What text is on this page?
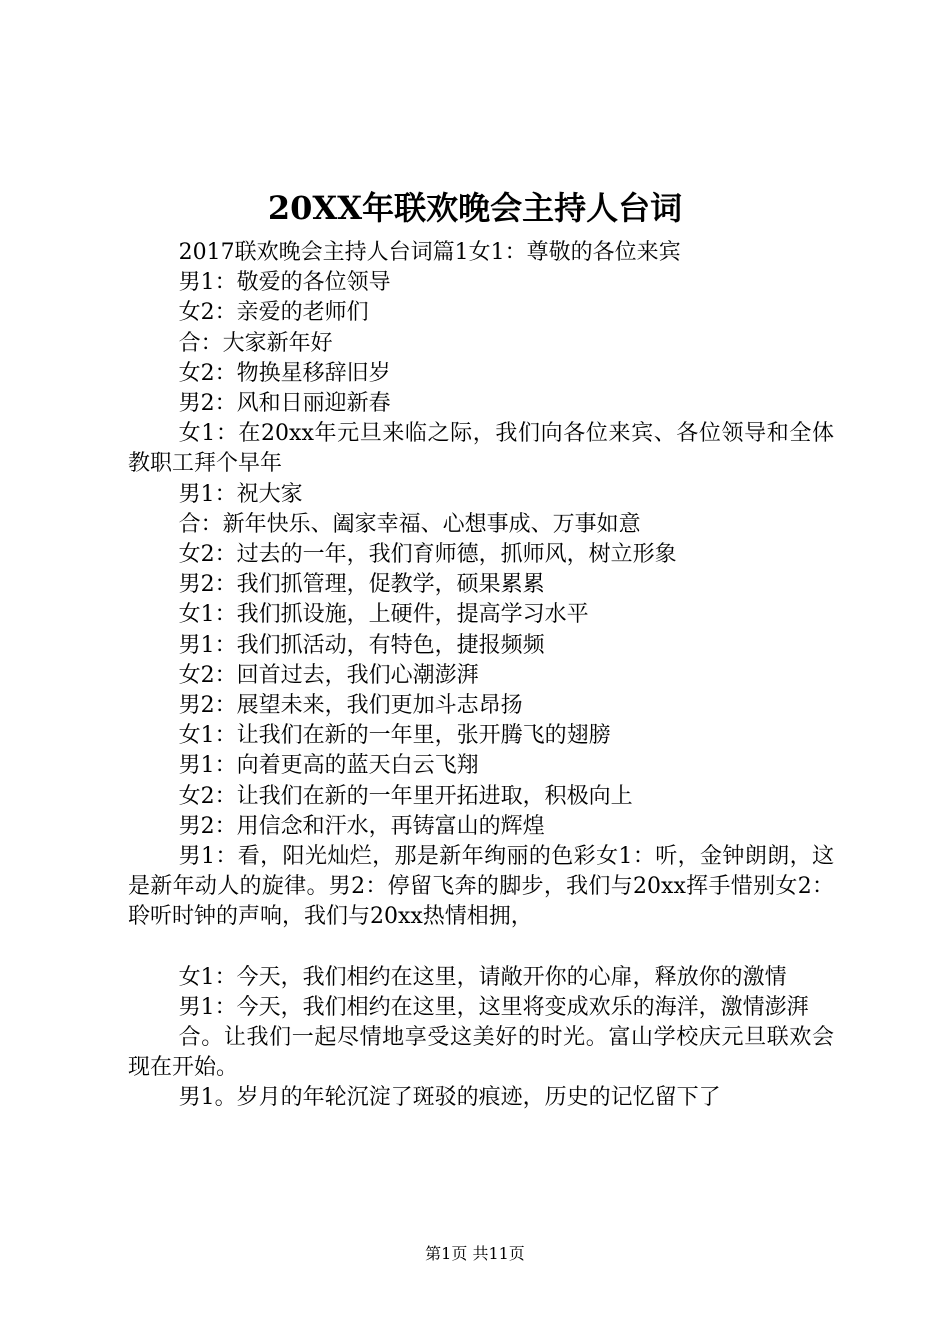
20XX年联欢晚会主持人台词

2017联欢晚会主持人台词篇1女1：尊敬的各位来宾

男1：敬爱的各位领导

女2：亲爱的老师们

合：大家新年好

女2：物换星移辞旧岁

男2：风和日丽迎新春

女1：在20xx年元旦来临之际，我们向各位来宾、各位领导和全体教职工拜个早年

男1：祝大家

合：新年快乐、阖家幸福、心想事成、万事如意

女2：过去的一年，我们育师德，抓师风，树立形象

男2：我们抓管理，促教学，硕果累累

女1：我们抓设施，上硬件，提高学习水平

男1：我们抓活动，有特色，捷报频频

女2：回首过去，我们心潮澎湃

男2：展望未来，我们更加斗志昂扬

女1：让我们在新的一年里，张开腾飞的翅膀

男1：向着更高的蓝天白云飞翔

女2：让我们在新的一年里开拓进取，积极向上

男2：用信念和汗水，再铸富山的辉煌

男1：看，阳光灿烂，那是新年绚丽的色彩女1：听，金钟朗朗，这是新年动人的旋律。男2：停留飞奔的脚步，我们与20xx挥手惜别女2：聆听时钟的声响，我们与20xx热情相拥，

女1：今天，我们相约在这里，请敞开你的心扉，释放你的激情

男1：今天，我们相约在这里，这里将变成欢乐的海洋，激情澎湃

合。让我们一起尽情地享受这美好的时光。富山学校庆元旦联欢会现在开始。

男1。岁月的年轮沉淀了斑驳的痕迹，历史的记忆留下了

第1页 共11页
